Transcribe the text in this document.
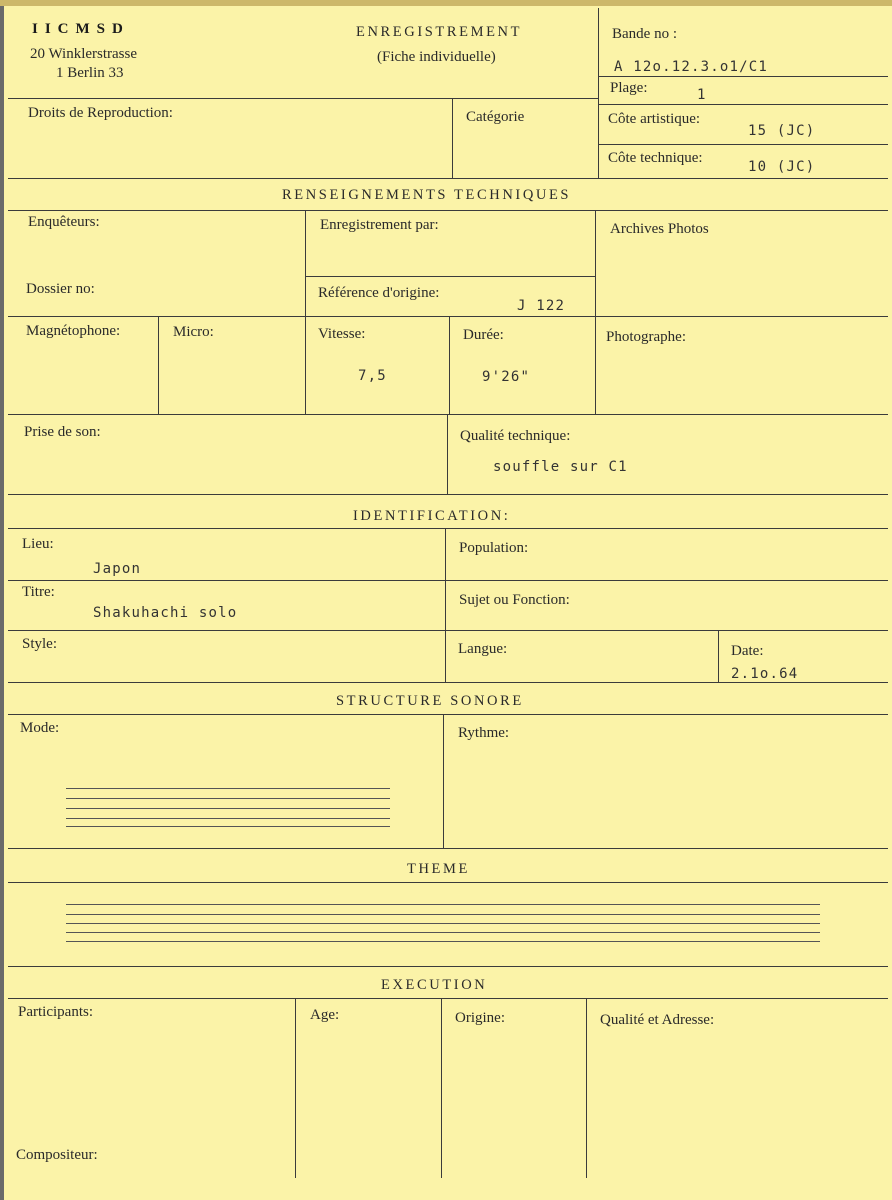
IICMSD
20 Winklerstrasse
1 Berlin 33
ENREGISTREMENT
(Fiche individuelle)
Bande no :
A 12o.12.3.o1/C1
Plage:	1
Droits de Reproduction:	Catégorie	Côte artistique:
15 (JC)
Côte technique:
10 (JC)
RENSEIGNEMENTS TECHNIQUES
Enquêteurs:	Enregistrement par:	Archives Photos
Dossier no:	Référence d'origine:
J 122
Magnétophone:	Micro:	Vitesse:
7,5
Durée:
9'26"
Photographe:
Prise de son:	Qualité technique:
souffle sur C1
IDENTIFICATION:
Lieu:
Japon
Population:
Titre:
Shakuhachi solo
Sujet ou Fonction:
Style:	Langue:	Date:
2.1o.64
STRUCTURE SONORE
Mode:	Rythme:
THEME
EXECUTION
Participants:	Age:	Origine:	Qualité et Adresse:
Compositeur:
